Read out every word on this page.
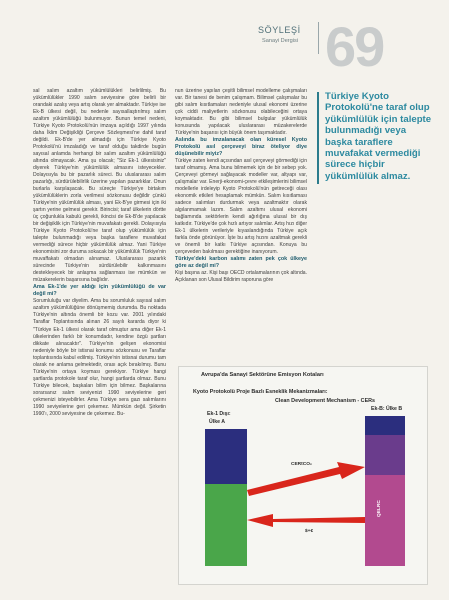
SÖYLEŞİ
Sanayi Dergisi 69
Türkiye Kyoto Protokolü'ne taraf olup yükümlülük için talepte bulunmadığı veya başka taraflere muvafakat vermediği sürece hiçbir yükümlülük almaz.

sal salım azaltım yükümlülükleri belirlilmiş. Bu yükümlülükler 1990 salım seviyesine göre belirli bir orandaki azalış veya artış olarak yer almaktadır. Türkiye ise Ek-B ülkesi değil, bu nedenle sayısallaştırılmış salım azaltım yükümlülüğü bulunmuyor. Bunun temel nedeni, Türkiye Kyoto Protokolü'nün imzaya açıldığı 1997 yılında daha İklim Değişikliği Çerçeve Sözleşmesi'ne dahil taraf değildi. Ek-B'de yer almadığı için Türkiye Kyoto Protokolü'nü imzaladığı ve taraf olduğu takdirde bugün sayısal anlamda herhangi bir salım azaltım yükümlülüğü altında olmayacak. Ama şu olacak; "Siz Ek-1 ülkesisiniz" diyerek Türkiye'nin yükümlülük almasını isteyecekler. Dolayısıyla bu bir pazarlık süreci. Bu uluslararası salım pazarlığı, sürdürülebilirlik üzerine yapılan pazarlıklar. Onun burlarla karşılaşacak. Bu süreçte Türkiye'ye birtakım yükümlülüklerin zorla verilmesi sözkonusu değildir çünkü Türkiye'nin yükümlülük alması, yani Ek-B'ye girmesi için iki şartın yerine gelmesi gerekir. Birincisi; taraf ülkelerin dörtte üç çoğunlukla kabulü gerekli, ikincisi de Ek-B'de yapılacak bir değişiklik için Türkiye'nin muvafakatı gerekli. Dolayısıyla Türkiye Kyoto Protokolü'ne taraf olup yükümlülük için talepte bulunmadığı veya başka taraflere muvafakat vermediği sürece hiçbir yükümlülük almaz. Yani Türkiye ekonomisini zor duruma sokacak bir yükümlülük Türkiye'nin muvaffakatı olmadan alınamaz. Uluslararası pazarlık sürecinde Türkiye'nin sürdürülebilir kalkınmasını destekleyecek bir anlaşma sağlanması ise mümkün ve müzakerelerin başarısına bağlıdır.

Ama Ek-1'de yer aldığı için yükümlülüğü de var değil mi?

Sorumluluğu var diyelim. Ama bu sorumluluk sayısal salım azaltım yükümlülüğüne dönüşmemiş durumda. Bu noktada Türkiye'nin altında önemli bir kozu var. 2001 yılındaki Taraflar Toplantısında alınan 26 sayılı kararda diyor ki "Türkiye Ek-1 ülkesi olarak taraf olmuştur ama diğer Ek-1 ülkelerinden farklı bir konumdadır, kendine özgü şartları dikkate alınacaktır". Türkiye'nin gelişen ekonomisi nedeniyle böyle bir istisnai konumu sözkonusu ve Taraflar toplantısında kabul edilmiş. Türkiye'nin istisnai durumu tam olarak ne anlama gelmektedir, orası açık bırakılmış. Bunu Türkiye'nin ortaya koyması gerekiyor. Türkiye hangi şartlarda protokole taraf olur, hangi şartlarda olmaz. Bunu Türkiye bilecek, başkaları bilim için bilmez. Başkalarına sorarsanız salım seviyenizi 1990 seviyelerine geri çekmenizi isteyebilirler. Ama Türkiye sera gazı salımlarını 1990 seviyelerine geri çekemez. Mümkün değil. Şirketin 1990'ı, 2000 seviyesine de çekemez. Bu-

nun üzerine yapılan çeşitli bilimsel modelleme çalışmaları var. Bir tanesi de benim çalışmam. Bilimsel çalışmalar bu gibi salım kısıtlamaları nedeniyle ulusal ekonomi üzerine çok ciddi maliyetlerin sözkonusu olabileceğini ortaya koymaktadır. Bu gibi bilimsel bulgular yükümlülük konusunda yapılacak uluslararası müzakerelerde Türkiye'nin başarısı için büyük önem taşımaktadır.

Aslında bu imzalanacak olan küresel Kyoto Protokolü asıl çerçeveyi biraz öteliyor diye düşünebilir miyiz?

Türkiye zaten kendi açısından asıl çerçeveyi görmediği için taraf olmamış. Ama bunu bilmemek için de bir sebep yok. Çerçeveyi görmeyi sağlayacak modeller var, altyapı var, çalışmalar var. Enerji-ekonomi-çevre etkileşimlerini bilimsel modellerle irdeleyip Kyoto Protokolü'nün getireceği olası ekonomik etkileri hesaplamak mümkün. Salım kısıtlaması sadece salımları durdurmak veya azaltmaktır olarak algılanmamak lazım. Salım azaltımı ulusal ekonomi bağlamında sektörlerin kendi ağırlığına ulusal bir dış katkıdır. Türkiye'de çok hızlı artıyor salımlar. Artış hızı diğer Ek-1 ülkelerin verileriyle kıyaslandığında Türkiye açık farkla önde görünüyor. İşte bu artış hızını azaltmak gerekli ve önemli bir katkı Türkiye açısından. Konuya bu çerçeveden bakılması gerektiğine inanıyorum.

Türkiye'deki karbon salımı zaten pek çok ülkeye göre az değil mi?

Kişi başına az. Kişi başı OECD ortalamalarının çok altında. Açıklanan son Ulusal Bildirim raporuna göre

Avrupa'da Sanayi Sektörüne Emisyon Kotaları
Kyoto Protokolü Proje Bazlı Esneklik Mekanizmaları:
Clean Development Mechanism - CERs
Ek-1 Dışı:
Ülke A
Ek-B: Ülke B
CERtCO₂
$+€
QELRC
